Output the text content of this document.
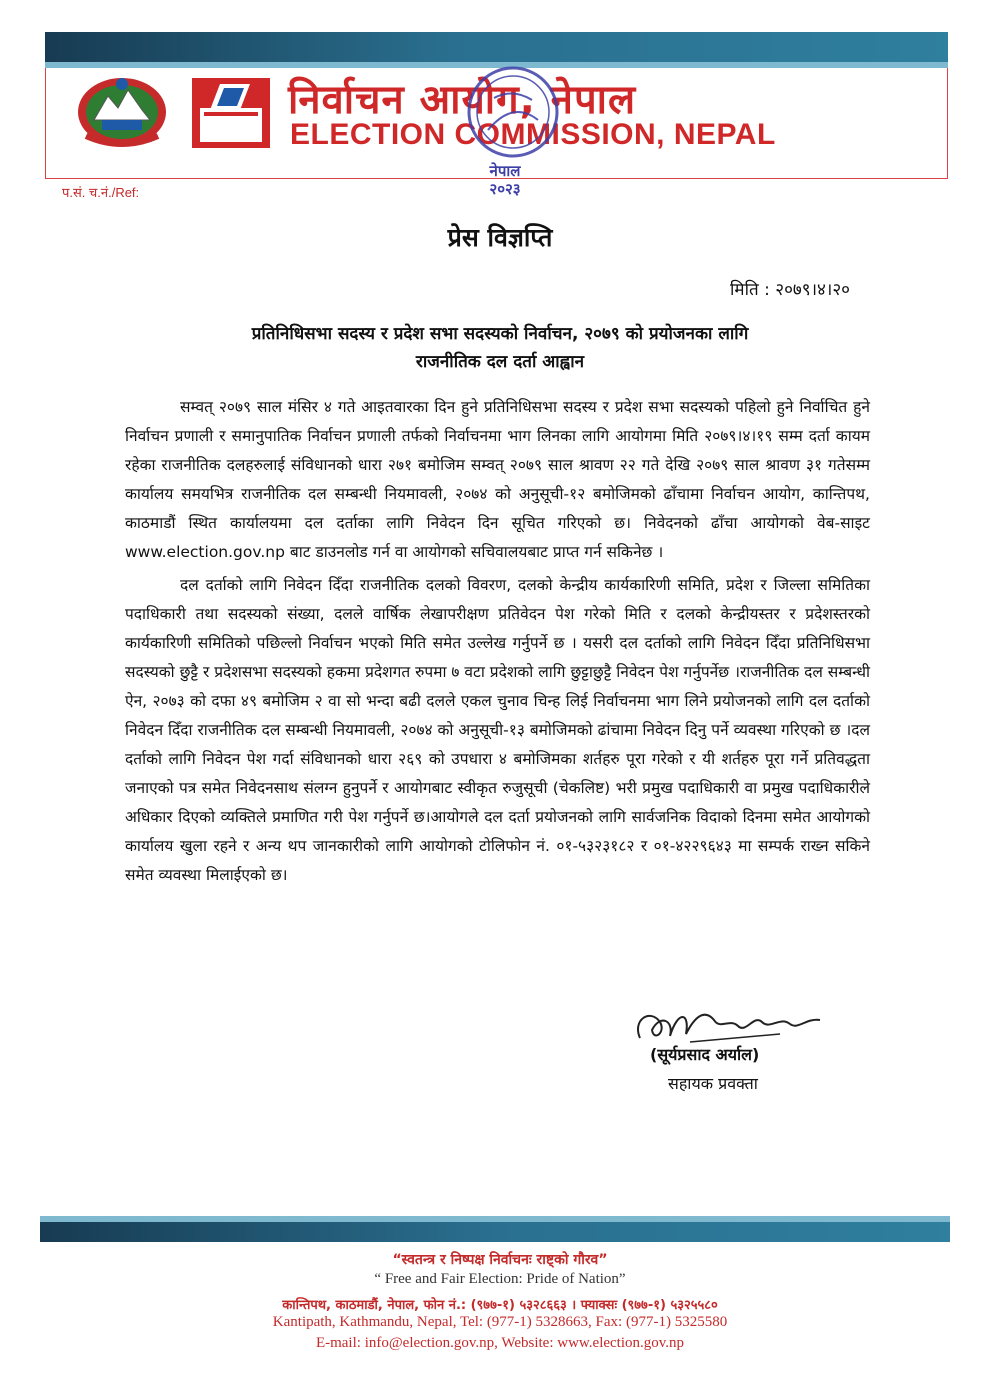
निर्वाचन आयोग, नेपाल
ELECTION COMMISSION, NEPAL
नेपाल
२०२३
प.सं. च.नं./Ref:
प्रेस विज्ञप्ति
मिति : २०७९।४।२०
प्रतिनिधिसभा सदस्य र प्रदेश सभा सदस्यको निर्वाचन, २०७९ को प्रयोजनका लागि
राजनीतिक दल दर्ता आह्वान

सम्वत् २०७९ साल मंसिर ४ गते आइतवारका दिन हुने प्रतिनिधिसभा सदस्य र प्रदेश सभा सदस्यको पहिलो हुने निर्वाचित हुने निर्वाचन प्रणाली र समानुपातिक निर्वाचन प्रणाली तर्फको निर्वाचनमा भाग लिनका लागि आयोगमा मिति २०७९।४।१९ सम्म दर्ता कायम रहेका राजनीतिक दलहरुलाई संविधानको धारा २७१ बमोजिम सम्वत् २०७९ साल श्रावण २२ गते देखि २०७९ साल श्रावण ३१ गतेसम्म कार्यालय समयभित्र राजनीतिक दल सम्बन्धी नियमावली, २०७४ को अनुसूची-१२ बमोजिमको ढाँचामा निर्वाचन आयोग, कान्तिपथ, काठमाडौं स्थित कार्यालयमा दल दर्ताका लागि निवेदन दिन सूचित गरिएको छ। निवेदनको ढाँचा आयोगको वेब-साइट www.election.gov.np बाट डाउनलोड गर्न वा आयोगको सचिवालयबाट प्राप्त गर्न सकिनेछ ।

दल दर्ताको लागि निवेदन दिँदा राजनीतिक दलको विवरण, दलको केन्द्रीय कार्यकारिणी समिति, प्रदेश र जिल्ला समितिका पदाधिकारी तथा सदस्यको संख्या, दलले वार्षिक लेखापरीक्षण प्रतिवेदन पेश गरेको मिति र दलको केन्द्रीयस्तर र प्रदेशस्तरको कार्यकारिणी समितिको पछिल्लो निर्वाचन भएको मिति समेत उल्लेख गर्नुपर्ने छ । यसरी दल दर्ताको लागि निवेदन दिँदा प्रतिनिधिसभा सदस्यको छुट्टै र प्रदेशसभा सदस्यको हकमा प्रदेशगत रुपमा ७ वटा प्रदेशको लागि छुट्टाछुट्टै निवेदन पेश गर्नुपर्नेछ ।राजनीतिक दल सम्बन्धी ऐन, २०७३ को दफा ४९ बमोजिम २ वा सो भन्दा बढी दलले एकल चुनाव चिन्ह लिई निर्वाचनमा भाग लिने प्रयोजनको लागि दल दर्ताको निवेदन दिँदा राजनीतिक दल सम्बन्धी नियमावली, २०७४ को अनुसूची-१३ बमोजिमको ढांचामा निवेदन दिनु पर्ने व्यवस्था गरिएको छ ।दल दर्ताको लागि निवेदन पेश गर्दा संविधानको धारा २६९ को उपधारा ४ बमोजिमका शर्तहरु पूरा गरेको र यी शर्तहरु पूरा गर्ने प्रतिवद्धता जनाएको पत्र समेत निवेदनसाथ संलग्न हुनुपर्ने र आयोगबाट स्वीकृत रुजुसूची (चेकलिष्ट) भरी प्रमुख पदाधिकारी वा प्रमुख पदाधिकारीले अधिकार दिएको व्यक्तिले प्रमाणित गरी पेश गर्नुपर्ने छ।आयोगले दल दर्ता प्रयोजनको लागि सार्वजनिक विदाको दिनमा समेत आयोगको कार्यालय खुला रहने र अन्य थप जानकारीको लागि आयोगको टोलिफोन नं. ०१-५३२३१८२ र ०१-४२२९६४३ मा सम्पर्क राख्न सकिने समेत व्यवस्था मिलाईएको छ।

(सूर्यप्रसाद अर्याल)
सहायक प्रवक्ता
“स्वतन्त्र र निष्पक्ष निर्वाचनः राष्ट्को गौरव”
“ Free and Fair Election: Pride of Nation”
कान्तिपथ, काठमाडौं, नेपाल, फोन नं.: (९७७-१) ५३२८६६३ । फ्याक्सः (९७७-१) ५३२५५८०
Kantipath, Kathmandu, Nepal, Tel: (977-1) 5328663, Fax: (977-1) 5325580
E-mail: info@election.gov.np, Website: www.election.gov.np
